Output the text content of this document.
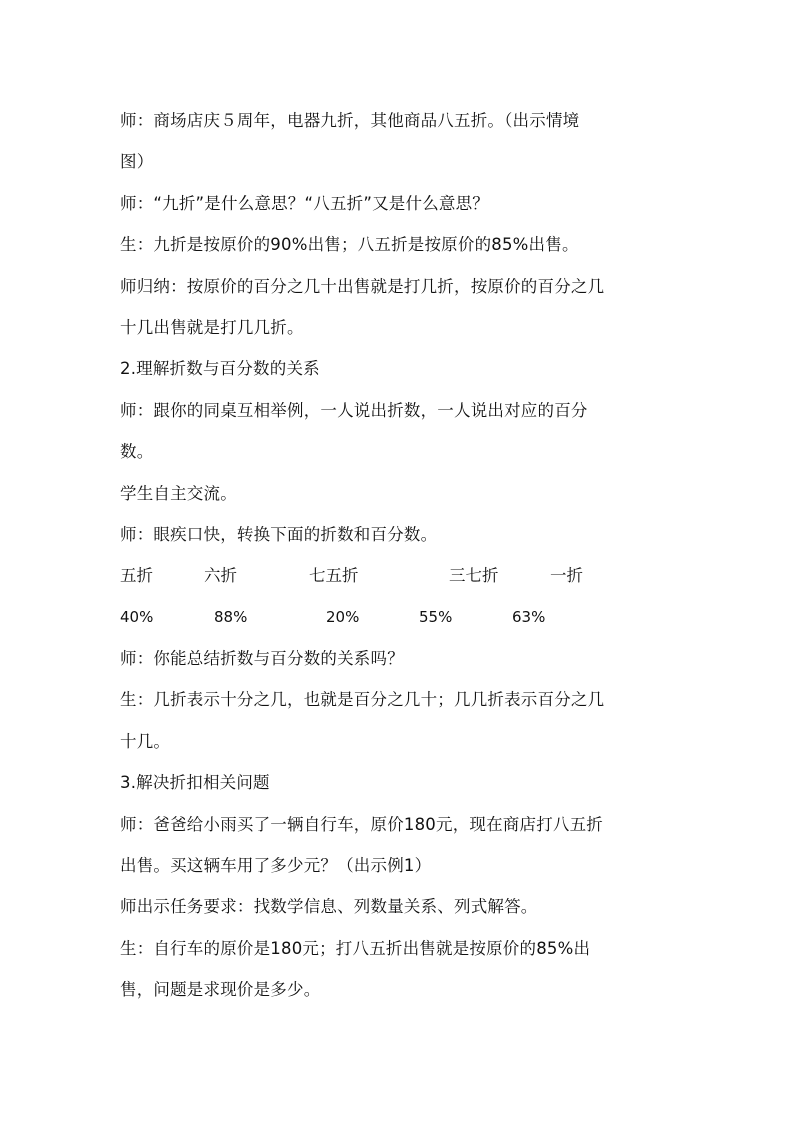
师：商场店庆５周年，电器九折，其他商品八五折。（出示情境
图）
师：“九折”是什么意思？“八五折”又是什么意思？
生：九折是按原价的90%出售；八五折是按原价的85%出售。
师归纳：按原价的百分之几十出售就是打几折，按原价的百分之几
十几出售就是打几几折。
2.理解折数与百分数的关系
师：跟你的同桌互相举例，一人说出折数，一人说出对应的百分
数。
学生自主交流。
师：眼疾口快，转换下面的折数和百分数。
五折	六折	七五折	三七折	一折
40%	88%	20%	55%	63%
师：你能总结折数与百分数的关系吗？
生：几折表示十分之几，也就是百分之几十；几几折表示百分之几
十几。
3.解决折扣相关问题
师：爸爸给小雨买了一辆自行车，原价180元，现在商店打八五折
出售。买这辆车用了多少元？（出示例1）
师出示任务要求：找数学信息、列数量关系、列式解答。
生：自行车的原价是180元；打八五折出售就是按原价的85%出
售，问题是求现价是多少。
